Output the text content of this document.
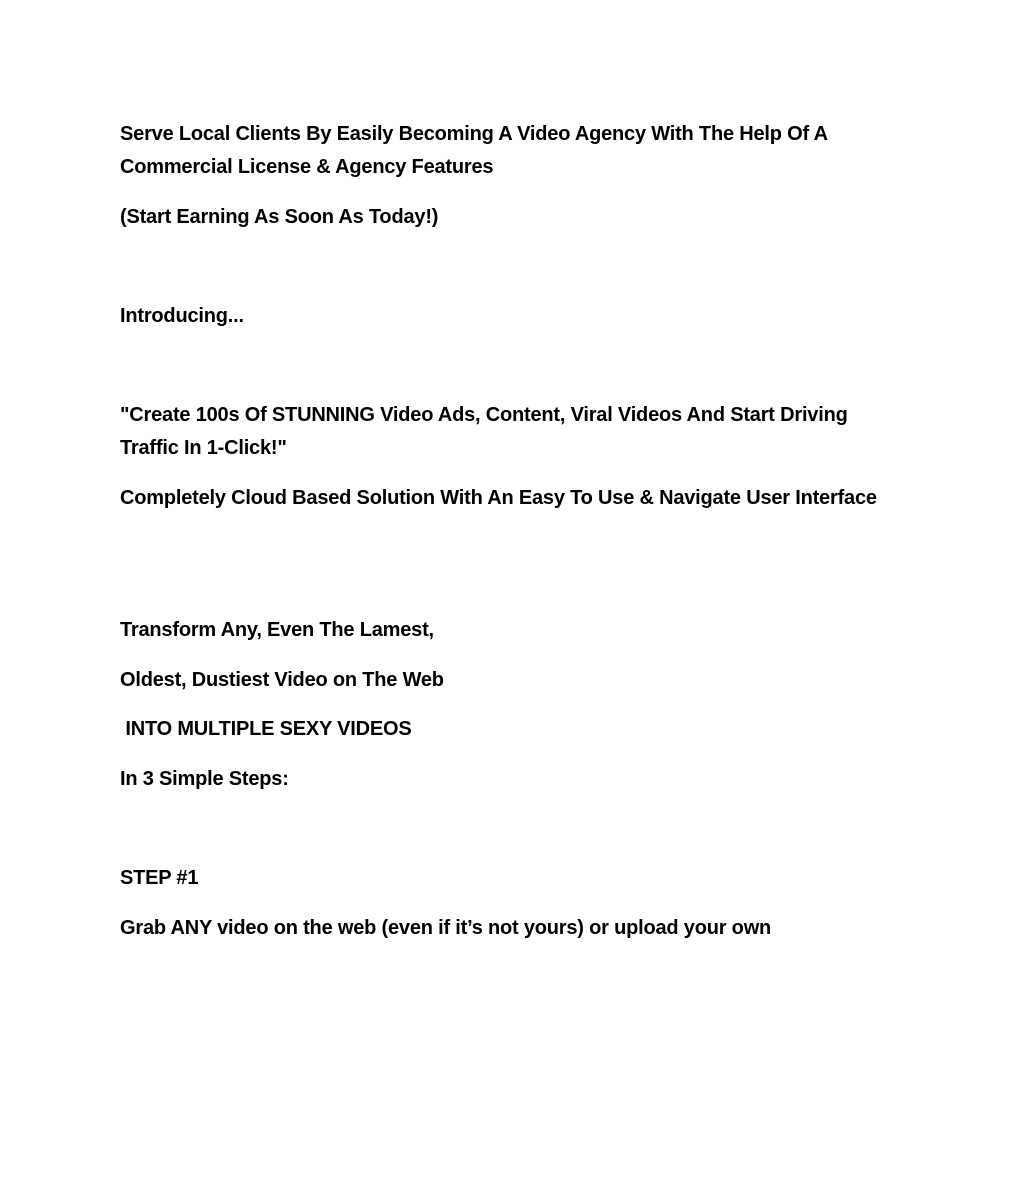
Serve Local Clients By Easily Becoming A Video Agency With The Help Of A Commercial License & Agency Features

(Start Earning As Soon As Today!)

Introducing...

"Create 100s Of STUNNING Video Ads, Content, Viral Videos And Start Driving Traffic In 1-Click!"

Completely Cloud Based Solution With An Easy To Use & Navigate User Interface

Transform Any, Even The Lamest,

Oldest, Dustiest Video on The Web

INTO MULTIPLE SEXY VIDEOS

In 3 Simple Steps:

STEP #1

Grab ANY video on the web (even if it’s not yours) or upload your own
